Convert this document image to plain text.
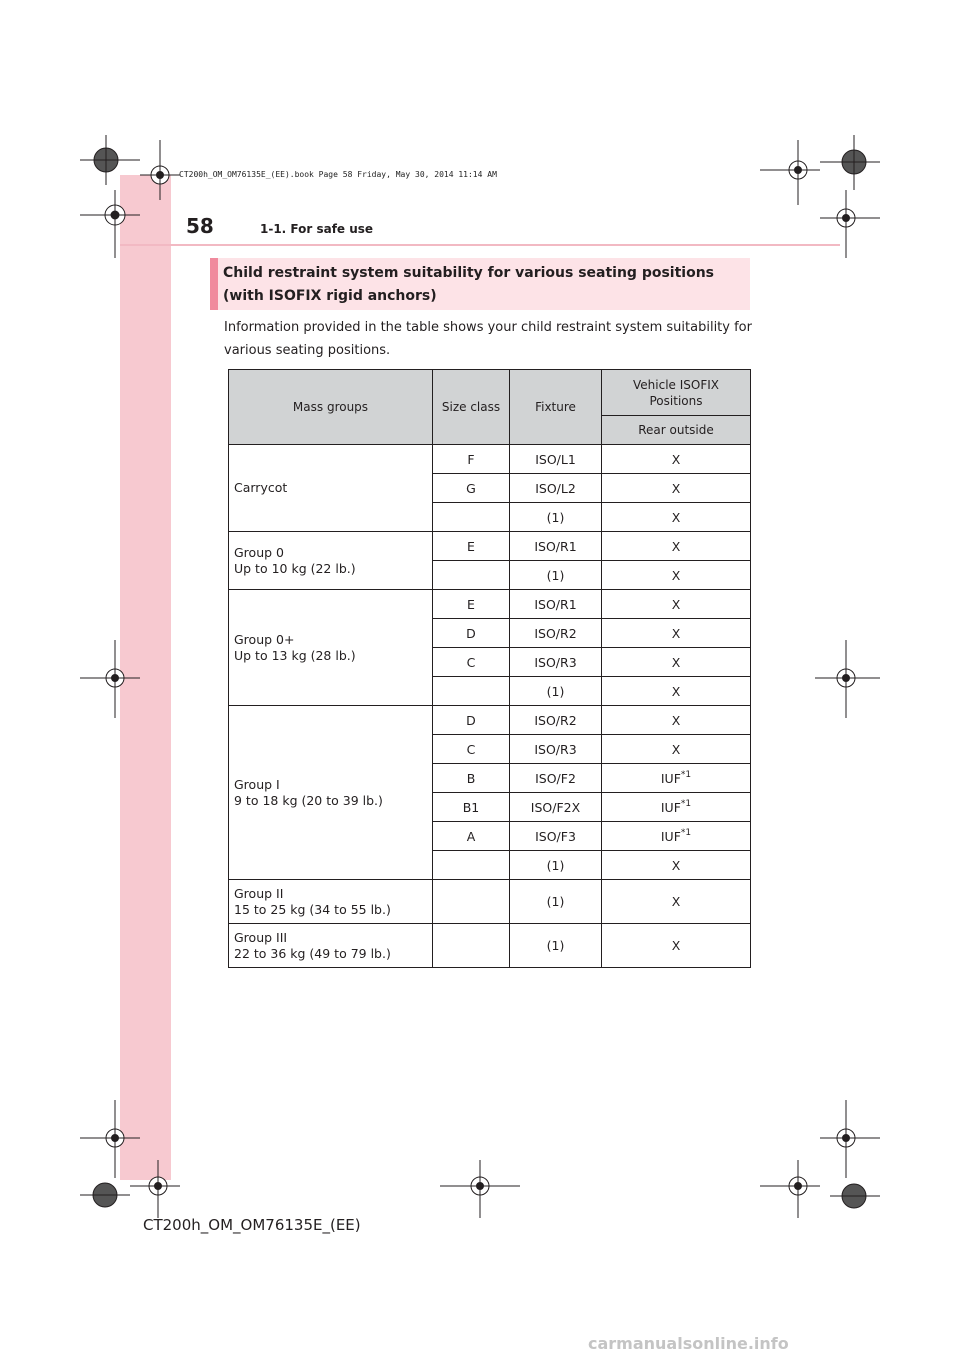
CT200h_OM_OM76135E_(EE).book Page 58 Friday, May 30, 2014 11:14 AM
58	1-1. For safe use
Child restraint system suitability for various seating positions
(with ISOFIX rigid anchors)
Information provided in the table shows your child restraint system suitability for various seating positions.
Mass groups	Size class	Fixture	Vehicle ISOFIX Positions
			Rear outside

Carrycot	F	ISO/L1	X
	G	ISO/L2	X
		(1)	X

Group 0
Up to 10 kg (22 lb.)	E	ISO/R1	X
		(1)	X

Group 0+
Up to 13 kg (28 lb.)	E	ISO/R1	X
	D	ISO/R2	X
	C	ISO/R3	X
		(1)	X

Group I
9 to 18 kg (20 to 39 lb.)	D	ISO/R2	X
	C	ISO/R3	X
	B	ISO/F2	IUF$^{*1}$
	B1	ISO/F2X	IUF$^{*1}$
	A	ISO/F3	IUF$^{*1}$
		(1)	X

Group II
15 to 25 kg (34 to 55 lb.)		(1)	X

Group III
22 to 36 kg (49 to 79 lb.)		(1)	X
CT200h_OM_OM76135E_(EE)
carmanualsonline.info
